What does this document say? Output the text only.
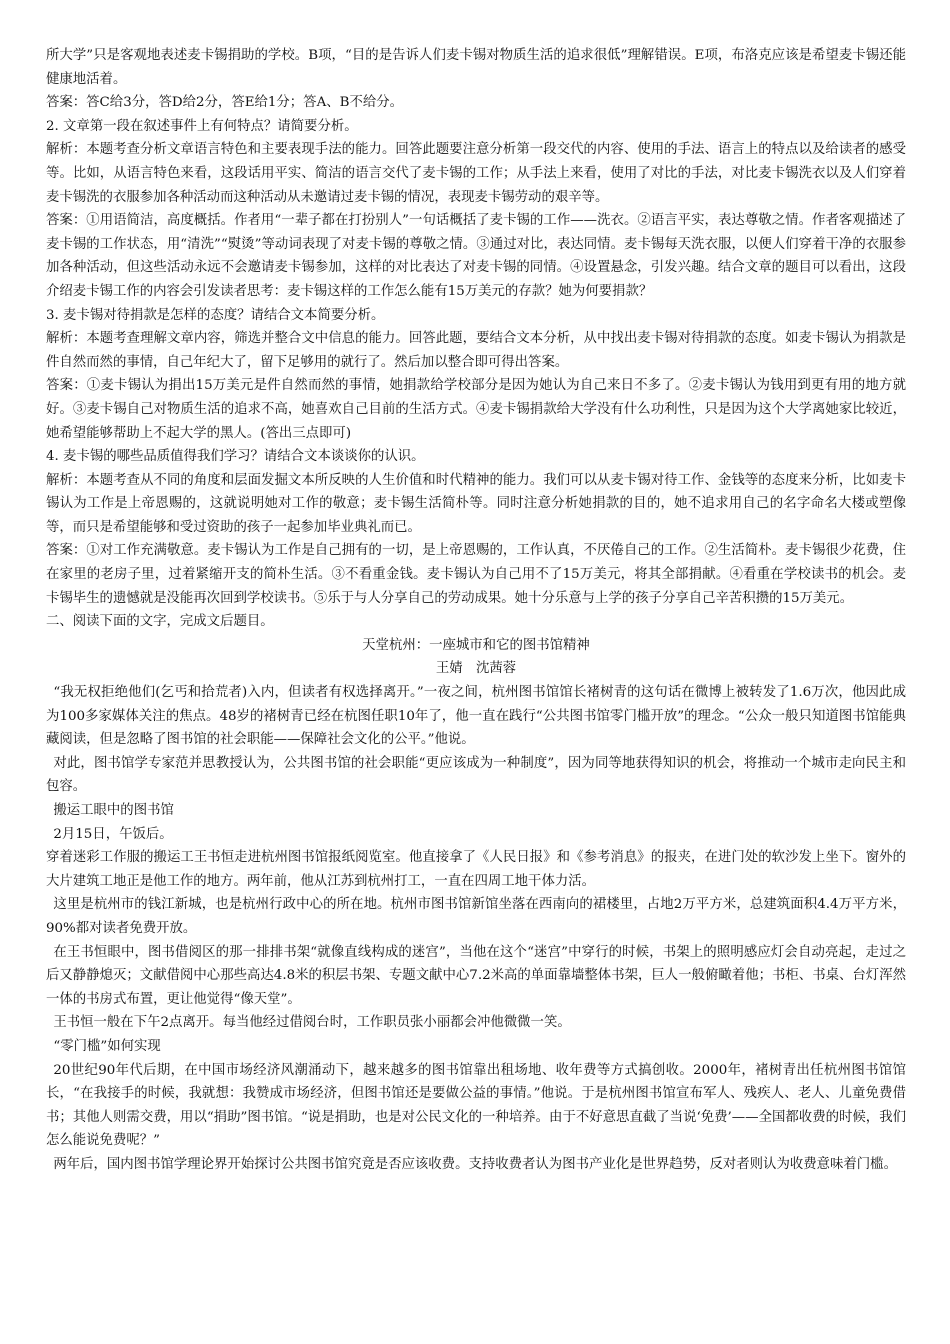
所大学”只是客观地表述麦卡锡捐助的学校。B项，“目的是告诉人们麦卡锡对物质生活的追求很低”理解错误。E项，布洛克应该是希望麦卡锡还能健康地活着。

答案：答C给3分，答D给2分，答E给1分；答A、B不给分。

2. 文章第一段在叙述事件上有何特点？请简要分析。

解析：本题考查分析文章语言特色和主要表现手法的能力。回答此题要注意分析第一段交代的内容、使用的手法、语言上的特点以及给读者的感受等。比如，从语言特色来看，这段话用平实、简洁的语言交代了麦卡锡的工作；从手法上来看，使用了对比的手法，对比麦卡锡洗衣以及人们穿着麦卡锡洗的衣服参加各种活动而这种活动从未邀请过麦卡锡的情况，表现麦卡锡劳动的艰辛等。

答案：①用语简洁，高度概括。作者用“一辈子都在打扮别人”一句话概括了麦卡锡的工作——洗衣。②语言平实，表达尊敬之情。作者客观描述了麦卡锡的工作状态，用“清洗”“熨烫”等动词表现了对麦卡锡的尊敬之情。③通过对比，表达同情。麦卡锡每天洗衣服，以便人们穿着干净的衣服参加各种活动，但这些活动永远不会邀请麦卡锡参加，这样的对比表达了对麦卡锡的同情。④设置悬念，引发兴趣。结合文章的题目可以看出，这段介绍麦卡锡工作的内容会引发读者思考：麦卡锡这样的工作怎么能有15万美元的存款？她为何要捐款？

3. 麦卡锡对待捐款是怎样的态度？请结合文本简要分析。

解析：本题考查理解文章内容，筛选并整合文中信息的能力。回答此题，要结合文本分析，从中找出麦卡锡对待捐款的态度。如麦卡锡认为捐款是件自然而然的事情，自己年纪大了，留下足够用的就行了。然后加以整合即可得出答案。

答案：①麦卡锡认为捐出15万美元是件自然而然的事情，她捐款给学校部分是因为她认为自己来日不多了。②麦卡锡认为钱用到更有用的地方就好。③麦卡锡自己对物质生活的追求不高，她喜欢自己目前的生活方式。④麦卡锡捐款给大学没有什么功利性，只是因为这个大学离她家比较近，她希望能够帮助上不起大学的黑人。(答出三点即可)

4. 麦卡锡的哪些品质值得我们学习？请结合文本谈谈你的认识。

解析：本题考查从不同的角度和层面发掘文本所反映的人生价值和时代精神的能力。我们可以从麦卡锡对待工作、金钱等的态度来分析，比如麦卡锡认为工作是上帝恩赐的，这就说明她对工作的敬意；麦卡锡生活简朴等。同时注意分析她捐款的目的，她不追求用自己的名字命名大楼或塑像等，而只是希望能够和受过资助的孩子一起参加毕业典礼而已。

答案：①对工作充满敬意。麦卡锡认为工作是自己拥有的一切，是上帝恩赐的，工作认真，不厌倦自己的工作。②生活简朴。麦卡锡很少花费，住在家里的老房子里，过着紧缩开支的简朴生活。③不看重金钱。麦卡锡认为自己用不了15万美元，将其全部捐献。④看重在学校读书的机会。麦卡锡毕生的遗憾就是没能再次回到学校读书。⑤乐于与人分享自己的劳动成果。她十分乐意与上学的孩子分享自己辛苦积攒的15万美元。

二、阅读下面的文字，完成文后题目。

天堂杭州：一座城市和它的图书馆精神

王婧　沈茜蓉

“我无权拒绝他们(乞丐和拾荒者)入内，但读者有权选择离开。”一夜之间，杭州图书馆馆长褚树青的这句话在微博上被转发了1.6万次，他因此成为100多家媒体关注的焦点。48岁的褚树青已经在杭图任职10年了，他一直在践行“公共图书馆零门槛开放”的理念。“公众一般只知道图书馆能典藏阅读，但是忽略了图书馆的社会职能——保障社会文化的公平。”他说。

对此，图书馆学专家范并思教授认为，公共图书馆的社会职能“更应该成为一种制度”，因为同等地获得知识的机会，将推动一个城市走向民主和包容。

搬运工眼中的图书馆

2月15日，午饭后。

穿着迷彩工作服的搬运工王书恒走进杭州图书馆报纸阅览室。他直接拿了《人民日报》和《参考消息》的报夹，在进门处的软沙发上坐下。窗外的大片建筑工地正是他工作的地方。两年前，他从江苏到杭州打工，一直在四周工地干体力活。

这里是杭州市的钱江新城，也是杭州行政中心的所在地。杭州市图书馆新馆坐落在西南向的裙楼里，占地2万平方米，总建筑面积4.4万平方米，90%都对读者免费开放。

在王书恒眼中，图书借阅区的那一排排书架“就像直线构成的迷宫”，当他在这个“迷宫”中穿行的时候，书架上的照明感应灯会自动亮起，走过之后又静静熄灭；文献借阅中心那些高达4.8米的积层书架、专题文献中心7.2米高的单面靠墙整体书架，巨人一般俯瞰着他；书柜、书桌、台灯浑然一体的书房式布置，更让他觉得“像天堂”。

王书恒一般在下午2点离开。每当他经过借阅台时，工作职员张小丽都会冲他微微一笑。

“零门槛”如何实现

20世纪90年代后期，在中国市场经济风潮涌动下，越来越多的图书馆靠出租场地、收年费等方式搞创收。2000年，褚树青出任杭州图书馆馆长，“在我接手的时候，我就想：我赞成市场经济，但图书馆还是要做公益的事情。”他说。于是杭州图书馆宣布军人、残疾人、老人、儿童免费借书；其他人则需交费，用以“捐助”图书馆。“说是捐助，也是对公民文化的一种培养。由于不好意思直截了当说‘免费’——全国都收费的时候，我们怎么能说免费呢？”

两年后，国内图书馆学理论界开始探讨公共图书馆究竟是否应该收费。支持收费者认为图书产业化是世界趋势，反对者则认为收费意味着门槛。
